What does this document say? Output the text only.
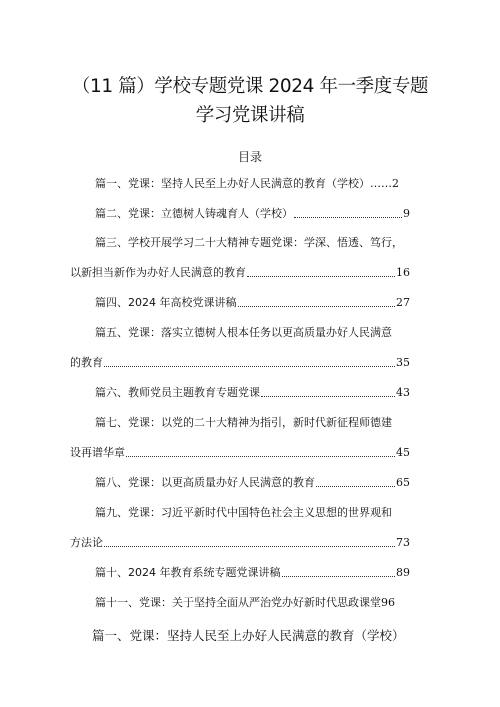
（11 篇）学校专题党课 2024 年一季度专题
学习党课讲稿
目录
篇一、党课：坚持人民至上办好人民满意的教育（学校）…… 2
篇二、党课：立德树人铸魂育人（学校）	9
篇三、学校开展学习二十大精神专题党课：学深、悟透、笃行，
以新担当新作为办好人民满意的教育	16
篇四、2024 年高校党课讲稿	27
篇五、党课：落实立德树人根本任务以更高质量办好人民满意
的教育	35
篇六、教师党员主题教育专题党课	43
篇七、党课：以党的二十大精神为指引，新时代新征程师德建
设再谱华章	45
篇八、党课：以更高质量办好人民满意的教育	65
篇九、党课：习近平新时代中国特色社会主义思想的世界观和
方法论	73
篇十、2024 年教育系统专题党课讲稿	89
篇十一、党课：关于坚持全面从严治党办好新时代思政课堂 96
篇一、党课：坚持人民至上办好人民满意的教育（学校）
